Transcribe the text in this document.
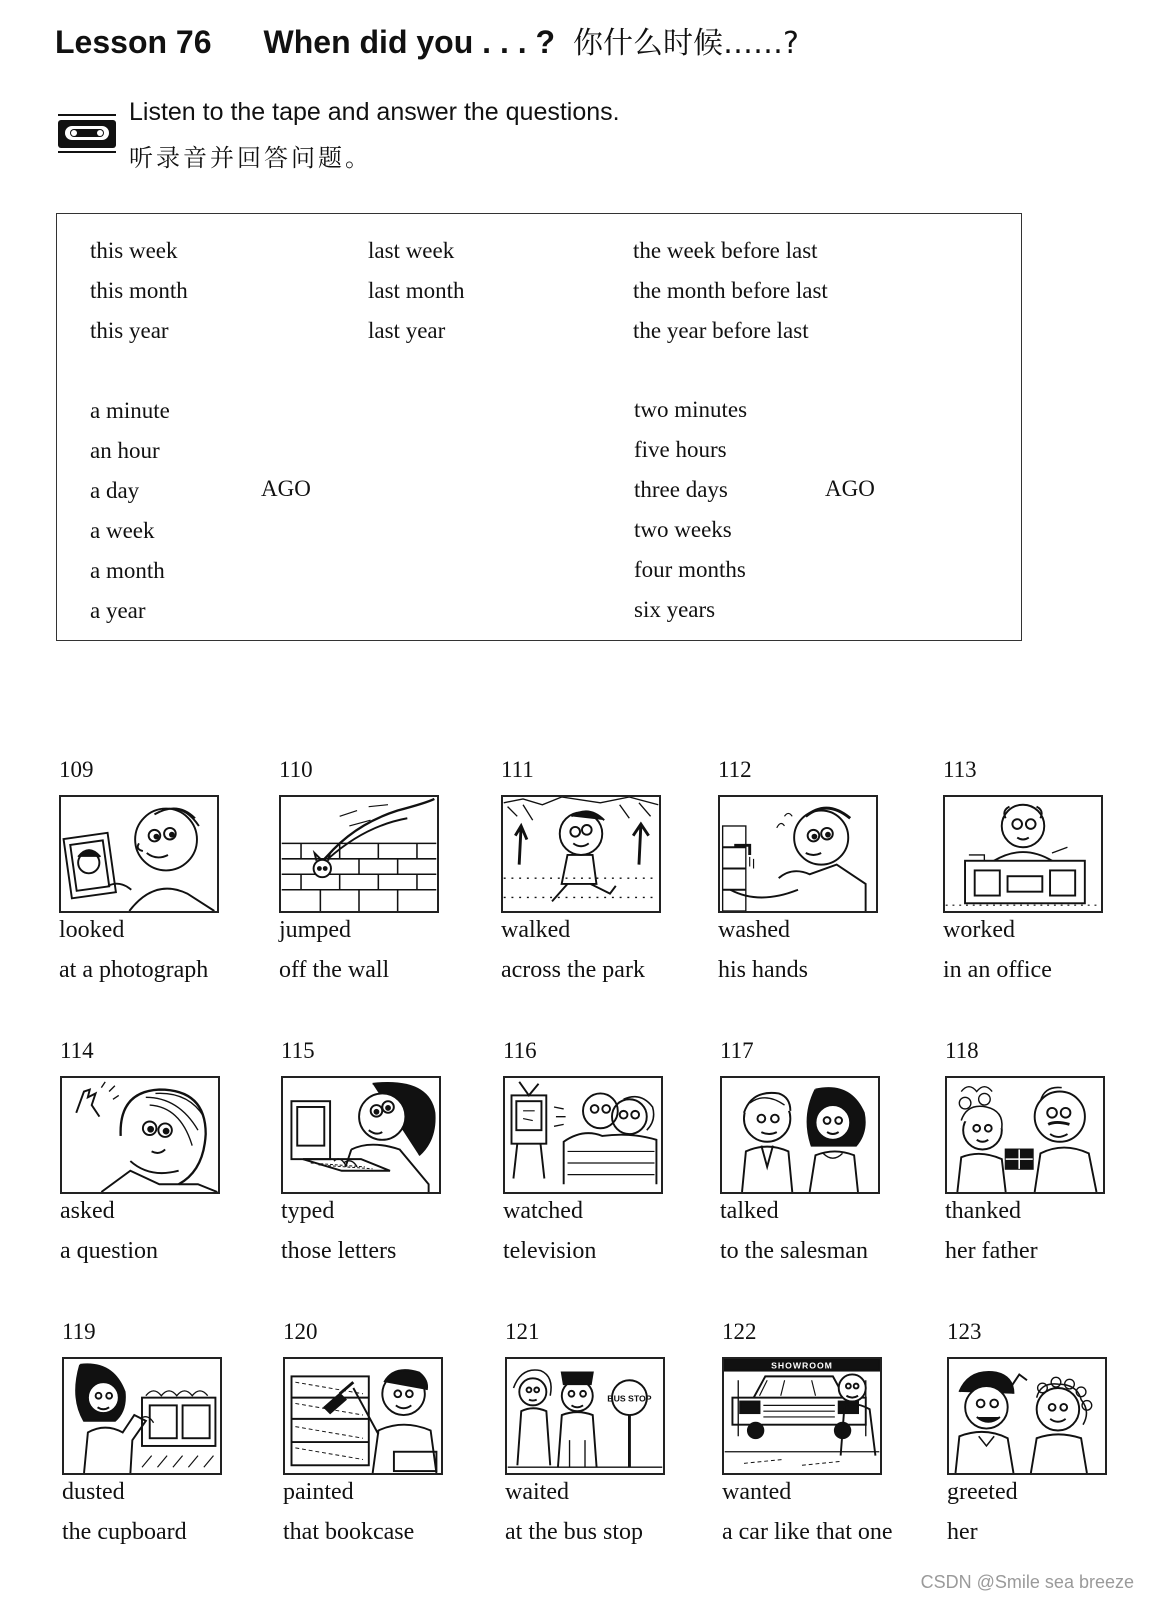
Lesson 76 When did you . . . ? 你什么时候……?
Listen to the tape and answer the questions.
听录音并回答问题。
this week
this month
this year
last week
last month
last year
the week before last
the month before last
the year before last
a minute
an hour
a day
a week
a month
a year
AGO
two minutes
five hours
three days
two weeks
four months
six years
AGO
109
looked
at a photograph
110
jumped
off the wall
111
walked
across the park
112
washed
his hands
113
worked
in an office
114
asked
a question
115
typed
those letters
116
watched
television
117
talked
to the salesman
118
thanked
her father
119
dusted
the cupboard
120
painted
that bookcase
121
BUS STOP
waited
at the bus stop
122
SHOWROOM
wanted
a car like that one
123
greeted
her
CSDN @Smile sea breeze
